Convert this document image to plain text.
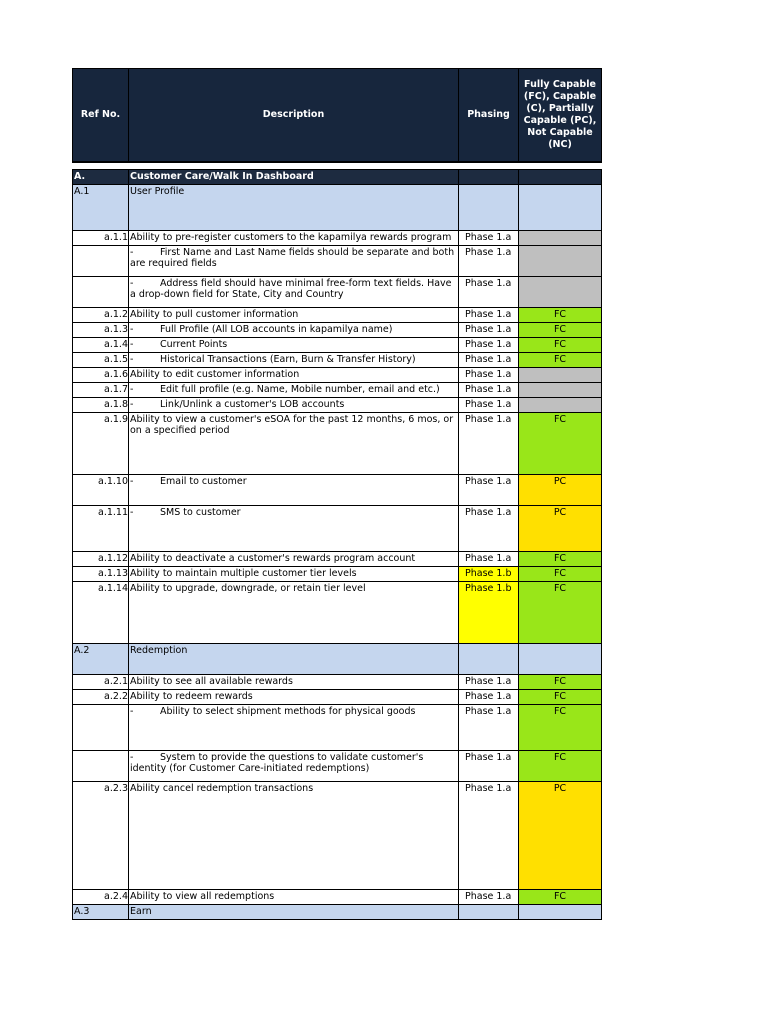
Ref No.	Description	Phasing	Fully Capable (FC), Capable (C), Partially Capable (PC), Not Capable (NC)

A.	Customer Care/Walk In Dashboard		
A.1	User Profile		
a.1.1	Ability to pre-register customers to the kapamilya rewards program	Phase 1.a	
	- First Name and Last Name fields should be separate and both are required fields	Phase 1.a	
	- Address field should have minimal free-form text fields. Have a drop-down field for State, City and Country	Phase 1.a	
a.1.2	Ability to pull customer information	Phase 1.a	FC
a.1.3	- Full Profile (All LOB accounts in kapamilya name)	Phase 1.a	FC
a.1.4	- Current Points	Phase 1.a	FC
a.1.5	- Historical Transactions (Earn, Burn & Transfer History)	Phase 1.a	FC
a.1.6	Ability to edit customer information	Phase 1.a	
a.1.7	- Edit full profile (e.g. Name, Mobile number, email and etc.)	Phase 1.a	
a.1.8	- Link/Unlink a customer's LOB accounts	Phase 1.a	
a.1.9	Ability to view a customer's eSOA for the past 12 months, 6 mos, or on a specified period	Phase 1.a	FC
a.1.10	- Email to customer	Phase 1.a	PC
a.1.11	- SMS to customer	Phase 1.a	PC
a.1.12	Ability to deactivate a customer's rewards program account	Phase 1.a	FC
a.1.13	Ability to maintain multiple customer tier levels	Phase 1.b	FC
a.1.14	Ability to upgrade, downgrade, or retain tier level	Phase 1.b	FC
A.2	Redemption		
a.2.1	Ability to see all available rewards	Phase 1.a	FC
a.2.2	Ability to redeem rewards	Phase 1.a	FC
	- Ability to select shipment methods for physical goods	Phase 1.a	FC
	- System to provide the questions to validate customer's identity (for Customer Care-initiated redemptions)	Phase 1.a	FC
a.2.3	Ability cancel redemption transactions	Phase 1.a	PC
a.2.4	Ability to view all redemptions	Phase 1.a	FC
A.3	Earn		
